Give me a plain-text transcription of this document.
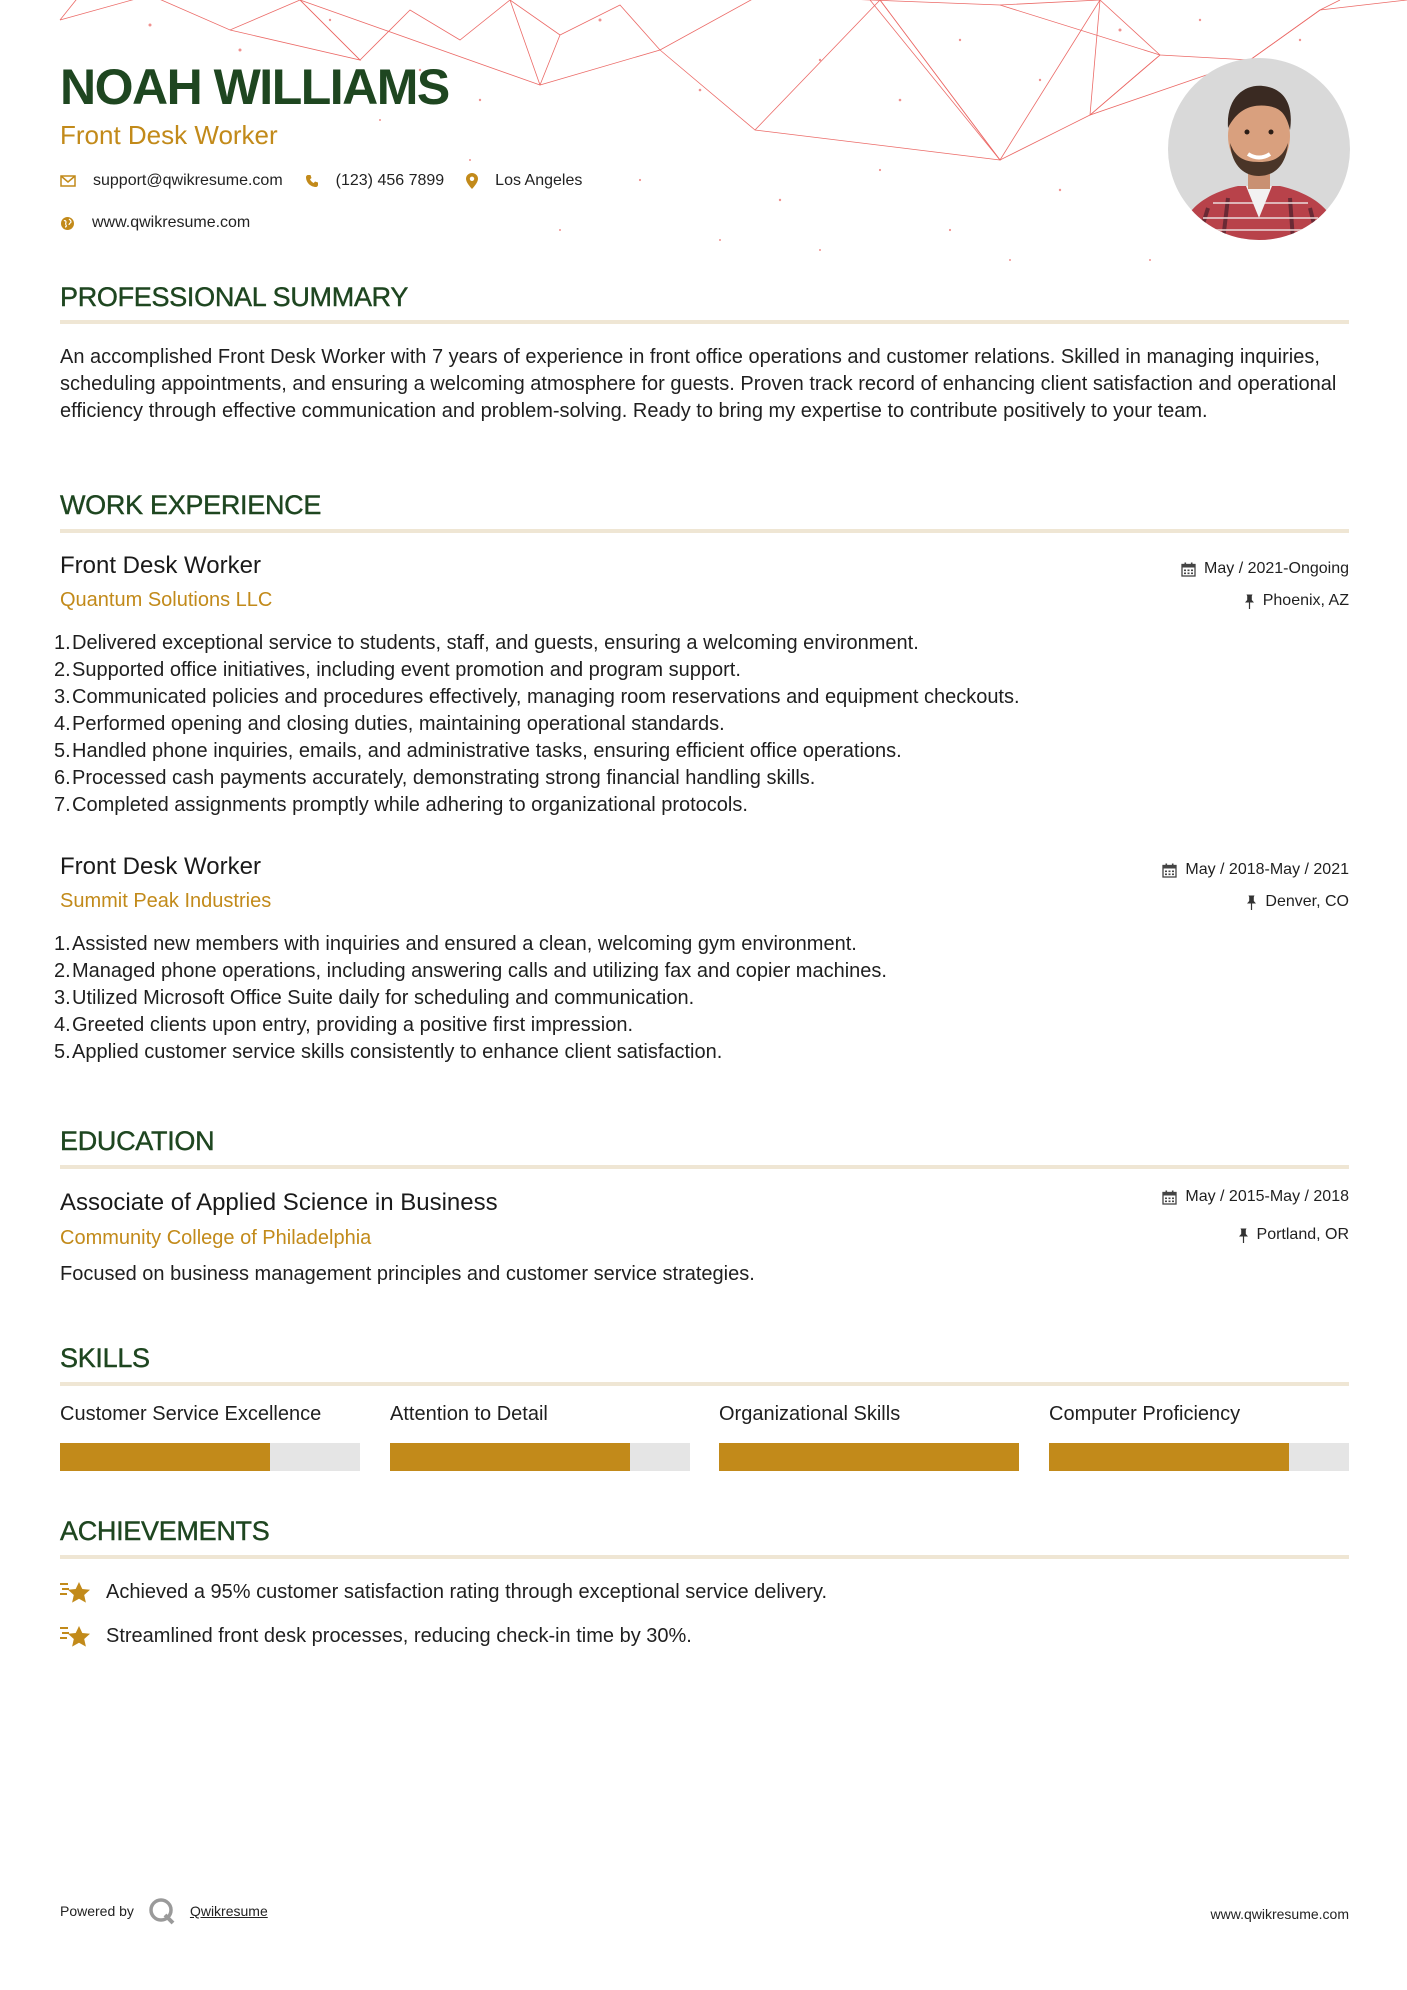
NOAH WILLIAMS
Front Desk Worker
support@qwikresume.com	(123) 456 7899	Los Angeles
www.qwikresume.com
PROFESSIONAL SUMMARY

An accomplished Front Desk Worker with 7 years of experience in front office operations and customer relations. Skilled in managing inquiries, scheduling appointments, and ensuring a welcoming atmosphere for guests. Proven track record of enhancing client satisfaction and operational efficiency through effective communication and problem-solving. Ready to bring my expertise to contribute positively to your team.

WORK EXPERIENCE
Front Desk Worker
Quantum Solutions LLC
May / 2021-Ongoing
Phoenix, AZ
1.Delivered exceptional service to students, staff, and guests, ensuring a welcoming environment.
2.Supported office initiatives, including event promotion and program support.
3.Communicated policies and procedures effectively, managing room reservations and equipment checkouts.
4.Performed opening and closing duties, maintaining operational standards.
5.Handled phone inquiries, emails, and administrative tasks, ensuring efficient office operations.
6.Processed cash payments accurately, demonstrating strong financial handling skills.
7.Completed assignments promptly while adhering to organizational protocols.
Front Desk Worker
Summit Peak Industries
May / 2018-May / 2021
Denver, CO
1.Assisted new members with inquiries and ensured a clean, welcoming gym environment.
2.Managed phone operations, including answering calls and utilizing fax and copier machines.
3.Utilized Microsoft Office Suite daily for scheduling and communication.
4.Greeted clients upon entry, providing a positive first impression.
5.Applied customer service skills consistently to enhance client satisfaction.
EDUCATION
Associate of Applied Science in Business
Community College of Philadelphia
May / 2015-May / 2018
Portland, OR
Focused on business management principles and customer service strategies.
SKILLS
Customer Service Excellence	Attention to Detail	Organizational Skills	Computer Proficiency
ACHIEVEMENTS
Achieved a 95% customer satisfaction rating through exceptional service delivery.
Streamlined front desk processes, reducing check-in time by 30%.
Powered by	Qwikresume	www.qwikresume.com
